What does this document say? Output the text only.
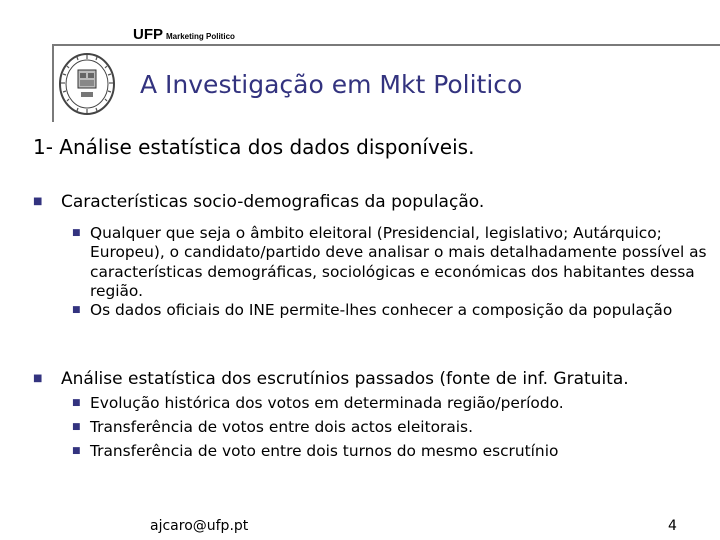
UFP Marketing Politico
A Investigação em Mkt Politico
1- Análise estatística dos dados disponíveis.
■ Características socio-demograficas da população.
■ Qualquer que seja o âmbito eleitoral (Presidencial, legislativo; Autárquico; Europeu), o candidato/partido deve analisar o mais detalhadamente possível as características demográficas, sociológicas e económicas dos habitantes dessa região.
■ Os dados oficiais do INE permite-lhes conhecer a composição da população
■ Análise estatística dos escrutínios passados (fonte de inf. Gratuita.
■ Evolução histórica dos votos em determinada região/período.
■ Transferência de votos entre dois actos eleitorais.
■ Transferência de voto entre dois turnos do mesmo escrutínio
ajcaro@ufp.pt	4
